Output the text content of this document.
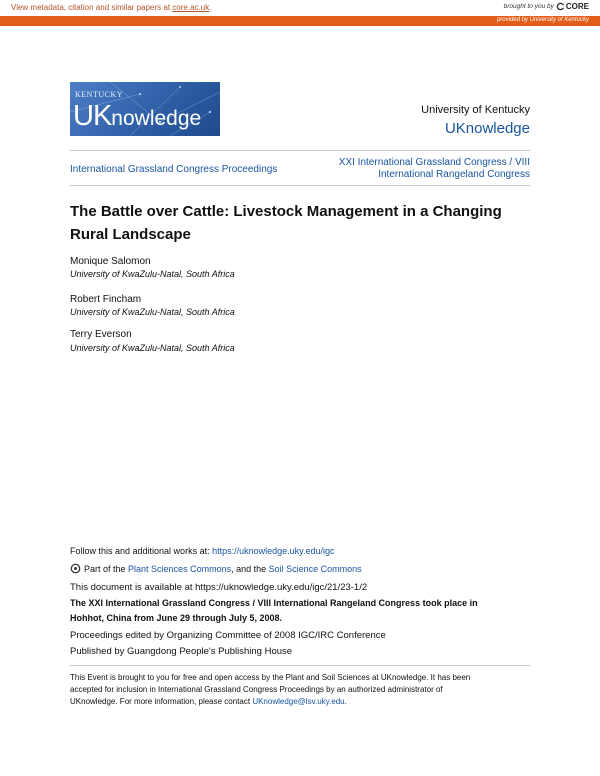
View metadata, citation and similar papers at core.ac.uk	brought to you by CORE
provided by University of Kentucky
KENTUCKY
UKnowledge	University of Kentucky
UKnowledge
International Grassland Congress Proceedings
XXI International Grassland Congress / VIII International Rangeland Congress
The Battle over Cattle: Livestock Management in a Changing Rural Landscape
Monique Salomon
University of KwaZulu-Natal, South Africa
Robert Fincham
University of KwaZulu-Natal, South Africa
Terry Everson
University of KwaZulu-Natal, South Africa
Follow this and additional works at: https://uknowledge.uky.edu/igc
Part of the Plant Sciences Commons, and the Soil Science Commons
This document is available at https://uknowledge.uky.edu/igc/21/23-1/2
The XXI International Grassland Congress / VIII International Rangeland Congress took place in
Hohhot, China from June 29 through July 5, 2008.
Proceedings edited by Organizing Committee of 2008 IGC/IRC Conference
Published by Guangdong People's Publishing House
This Event is brought to you for free and open access by the Plant and Soil Sciences at UKnowledge. It has been
accepted for inclusion in International Grassland Congress Proceedings by an authorized administrator of
UKnowledge. For more information, please contact UKnowledge@lsv.uky.edu.
